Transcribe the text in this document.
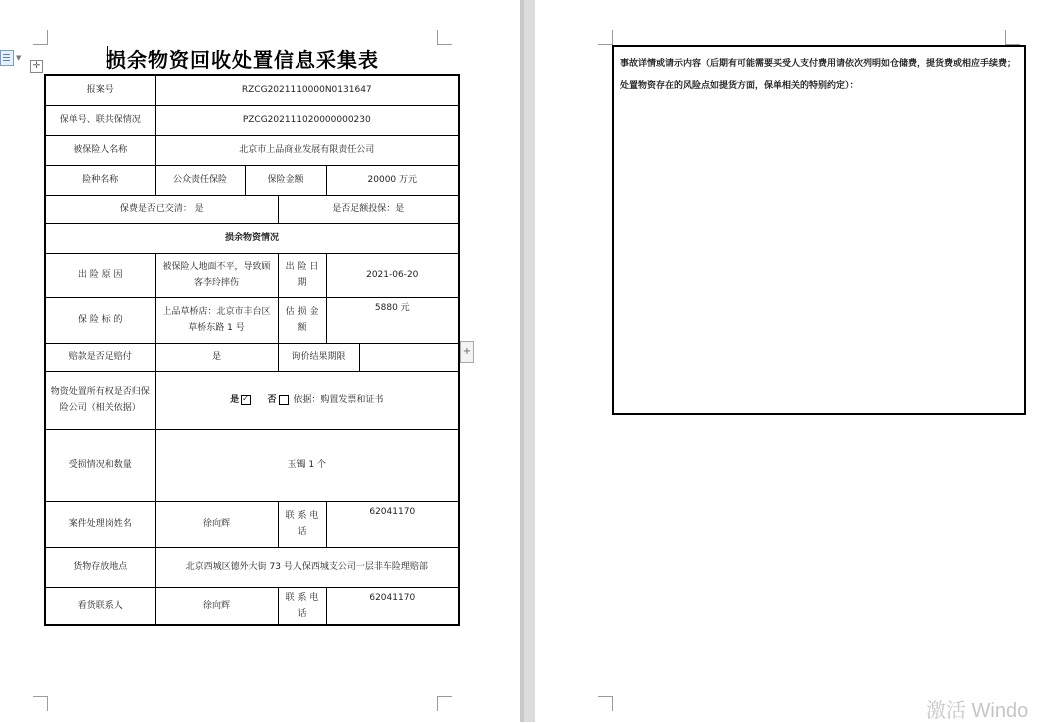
▼
✛	损余物资回收处置信息采集表
报案号	RZCG2021110000N0131647				
保单号、联共保情况	PZCG202111020000000230				
被保险人名称	北京市上品商业发展有限责任公司				
险种名称	公众责任保险	保险金额		20000 万元	
保费是否已交清： 是			是否足额投保：是		
损余物资情况					
出 险 原 因	被保险人地面不平，导致顾客李玲摔伤		出 险 日 期	2021-06-20	
保 险 标 的	上品草桥店：北京市丰台区草桥东路 1 号		估 损 金 额	5880 元	
赔款是否足赔付	是		询价结果期限		
物资处置所有权是否归保险公司（相关依据）	是 ✓ 否 依据：购置发票和证书
受损情况和数量	玉镯 1 个				
案件处理岗姓名	徐向辉		联 系 电 话	62041170	
货物存放地点	北京西城区德外大街 73 号人保西城支公司一层非车险理赔部				
看货联系人	徐向辉		联 系 电 话	62041170	
+
事故详情或请示内容（后期有可能需要买受人支付费用请依次列明如仓储费，提货费或相应手续费；处置物资存在的风险点如提货方面，保单相关的特别约定）：
激活 Windo
